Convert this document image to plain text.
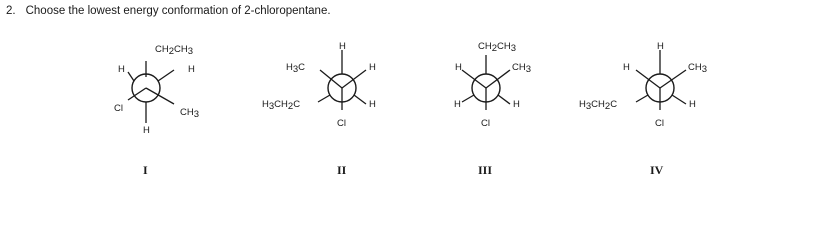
2. Choose the lowest energy conformation of 2-chloropentane.
CH2CH3
H	H
Cl	CH3
H
I
H
H3C	H
H3CH2C	H
Cl
II
CH2CH3
H	CH3
H	H
Cl
III
H
H	CH3
H3CH2C	H
Cl
IV
